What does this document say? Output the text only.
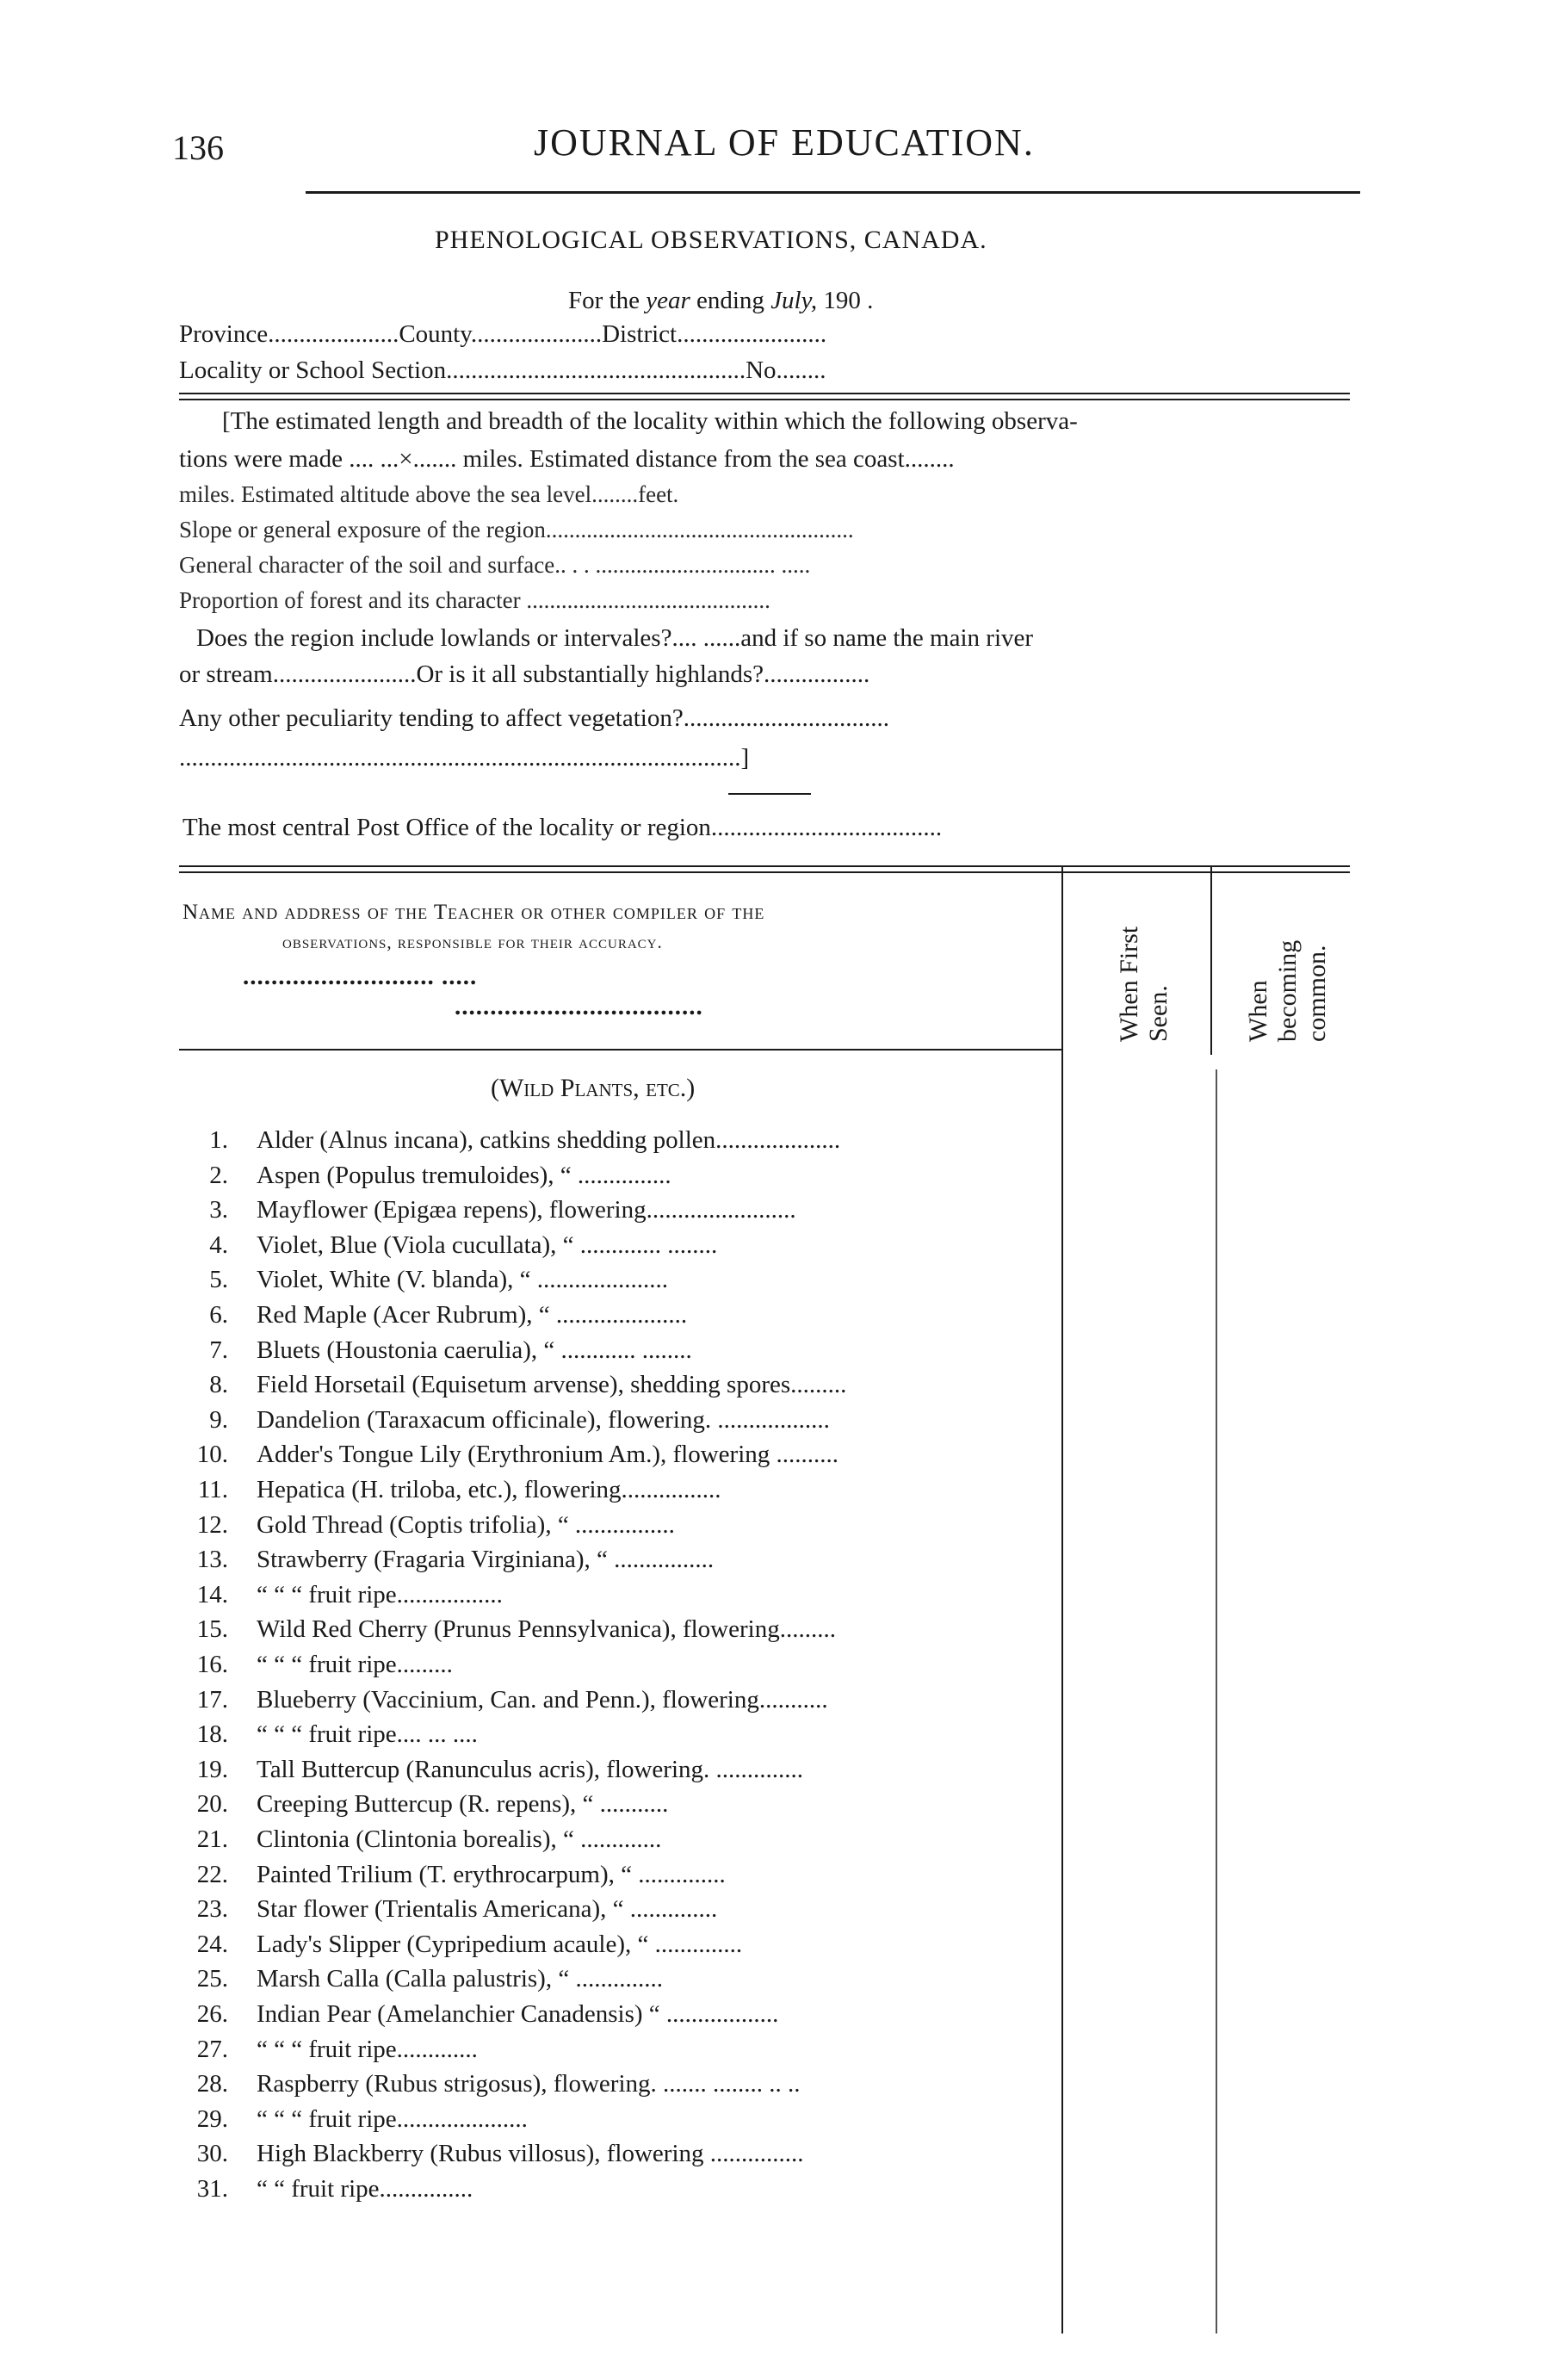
136	JOURNAL OF EDUCATION.
PHENOLOGICAL OBSERVATIONS, CANADA.
For the year ending July, 190 .
Province.....................County.....................District........................
Locality or School Section................................................No........
[The estimated length and breadth of the locality within which the following observa-
tions were made .... ...×....... miles. Estimated distance from the sea coast........
miles. Estimated altitude above the sea level........feet.
Slope or general exposure of the region.....................................................
General character of the soil and surface.. . . ............................... .....
Proportion of forest and its character ..........................................
Does the region include lowlands or intervales?.... ......and if so name the main river
or stream.......................Or is it all substantially highlands?.................
Any other peculiarity tending to affect vegetation?.................................
..........................................................................................]
The most central Post Office of the locality or region.....................................
Name and address of the Teacher or other compiler of the
observations, responsible for their accuracy.
........................... .....
...................................	When First Seen.	When becoming common.
(Wild Plants, etc.)
1. Alder (Alnus incana), catkins shedding pollen....................
2. Aspen (Populus tremuloides), “ ...............
3. Mayflower (Epigæa repens), flowering........................
4. Violet, Blue (Viola cucullata), “ ............. ........
5. Violet, White (V. blanda), “ .....................
6. Red Maple (Acer Rubrum), “ .....................
7. Bluets (Houstonia caerulia), “ ............ ........
8. Field Horsetail (Equisetum arvense), shedding spores.........
9. Dandelion (Taraxacum officinale), flowering. ..................
10. Adder's Tongue Lily (Erythronium Am.), flowering ..........
11. Hepatica (H. triloba, etc.), flowering................
12. Gold Thread (Coptis trifolia), “ ................
13. Strawberry (Fragaria Virginiana), “ ................
14. “ “ “ fruit ripe.................
15. Wild Red Cherry (Prunus Pennsylvanica), flowering.........
16. “ “ “ fruit ripe.........
17. Blueberry (Vaccinium, Can. and Penn.), flowering...........
18. “ “ “ fruit ripe.... ... ....
19. Tall Buttercup (Ranunculus acris), flowering. ..............
20. Creeping Buttercup (R. repens), “ ...........
21. Clintonia (Clintonia borealis), “ .............
22. Painted Trilium (T. erythrocarpum), “ ..............
23. Star flower (Trientalis Americana), “ ..............
24. Lady's Slipper (Cypripedium acaule), “ ..............
25. Marsh Calla (Calla palustris), “ ..............
26. Indian Pear (Amelanchier Canadensis) “ ..................
27. “ “ “ fruit ripe.............
28. Raspberry (Rubus strigosus), flowering. ....... ........ .. ..
29. “ “ “ fruit ripe.....................
30. High Blackberry (Rubus villosus), flowering ...............
31. “ “ fruit ripe...............
